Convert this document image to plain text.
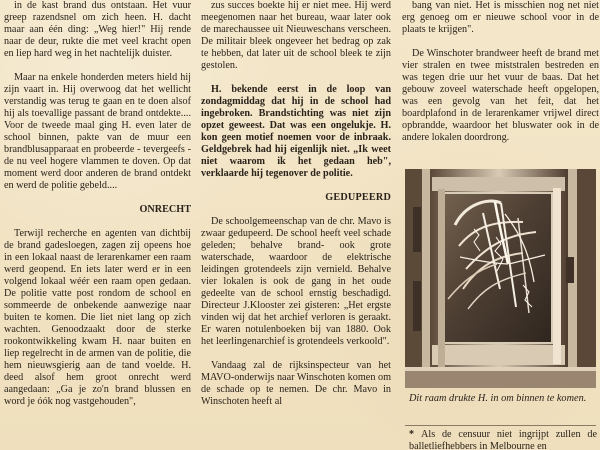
in de kast brand dus ontstaan. Het vuur greep razendsnel om zich heen. H. dacht maar aan één ding: „Weg hier!" Hij rende naar de deur, rukte die met veel kracht open en liep hard weg in het nachtelijk duister.

Maar na enkele honderden meters hield hij zijn vaart in. Hij overwoog dat het wellicht verstandig was terug te gaan en te doen alsof hij als toevallige passant de brand ontdekte.... Voor de tweede maal ging H. even later de school binnen, pakte van de muur een brandblusapparaat en probeerde - tevergeefs - de nu veel hogere vlammen te doven. Op dat moment werd door anderen de brand ontdekt en werd de politie gebeld....

ONRECHT

Terwijl recherche en agenten van dichtbij de brand gadesloegen, zagen zij opeens hoe in een lokaal naast de lerarenkamer een raam werd geopend. En iets later werd er in een volgend lokaal wéér een raam open gedaan. De politie vatte post rondom de school en sommeerde de onbekende aanwezige naar buiten te komen. Die liet niet lang op zich wachten. Genoodzaakt door de sterke rookontwikkeling kwam H. naar buiten en liep regelrecht in de armen van de politie, die hem nieuwsgierig aan de tand voelde. H. deed alsof hem groot onrecht werd aangedaan: „Ga je zo'n brand blussen en word je óók nog vastgehouden",

zus succes boekte hij er niet mee. Hij werd meegenomen naar het bureau, waar later ook de marechaussee uit Nieuweschans verscheen. De militair bleek ongeveer het bedrag op zak te hebben, dat later uit de school bleek te zijn gestolen.

H. bekende eerst in de loop van zondagmiddag dat hij in de school had ingebroken. Brandstichting was niet zijn opzet geweest. Dat was een ongelukje. H. kon geen motief noemen voor de inbraak. Geldgebrek had hij eigenlijk niet. „Ik weet niet waarom ik het gedaan heb", verklaarde hij tegenover de politie.

GEDUPEERD

De schoolgemeenschap van de chr. Mavo is zwaar gedupeerd. De school heeft veel schade geleden; behalve brand- ook grote waterschade, waardoor de elektrische leidingen grotendeels zijn vernield. Behalve vier lokalen is ook de gang in het oude gedeelte van de school ernstig beschadigd. Directeur J.Klooster zei gisteren: „Het ergste vinden wij dat het archief verloren is geraakt. Er waren notulenboeken bij van 1880. Ook het leerlingenarchief is grotendeels verkoold".

Vandaag zal de rijksinspecteur van het MAVO-onderwijs naar Winschoten komen om de schade op te nemen. De chr. Mavo in Winschoten heeft al

bang van niet. Het is misschien nog net niet erg genoeg om er nieuwe school voor in de plaats te krijgen".

De Winschoter brandweer heeft de brand met vier stralen en twee miststralen bestreden en was tegen drie uur het vuur de baas. Dat het gebouw zoveel waterschade heeft opgelopen, was een gevolg van het feit, dat het boardplafond in de lerarenkamer vrijwel direct opbrandde, waardoor het bluswater ook in de andere lokalen doordrong.

Dit raam drukte H. in om binnen te komen.
* Als de censuur niet ingrijpt zullen de balletliefhebbers in Melbourne en
